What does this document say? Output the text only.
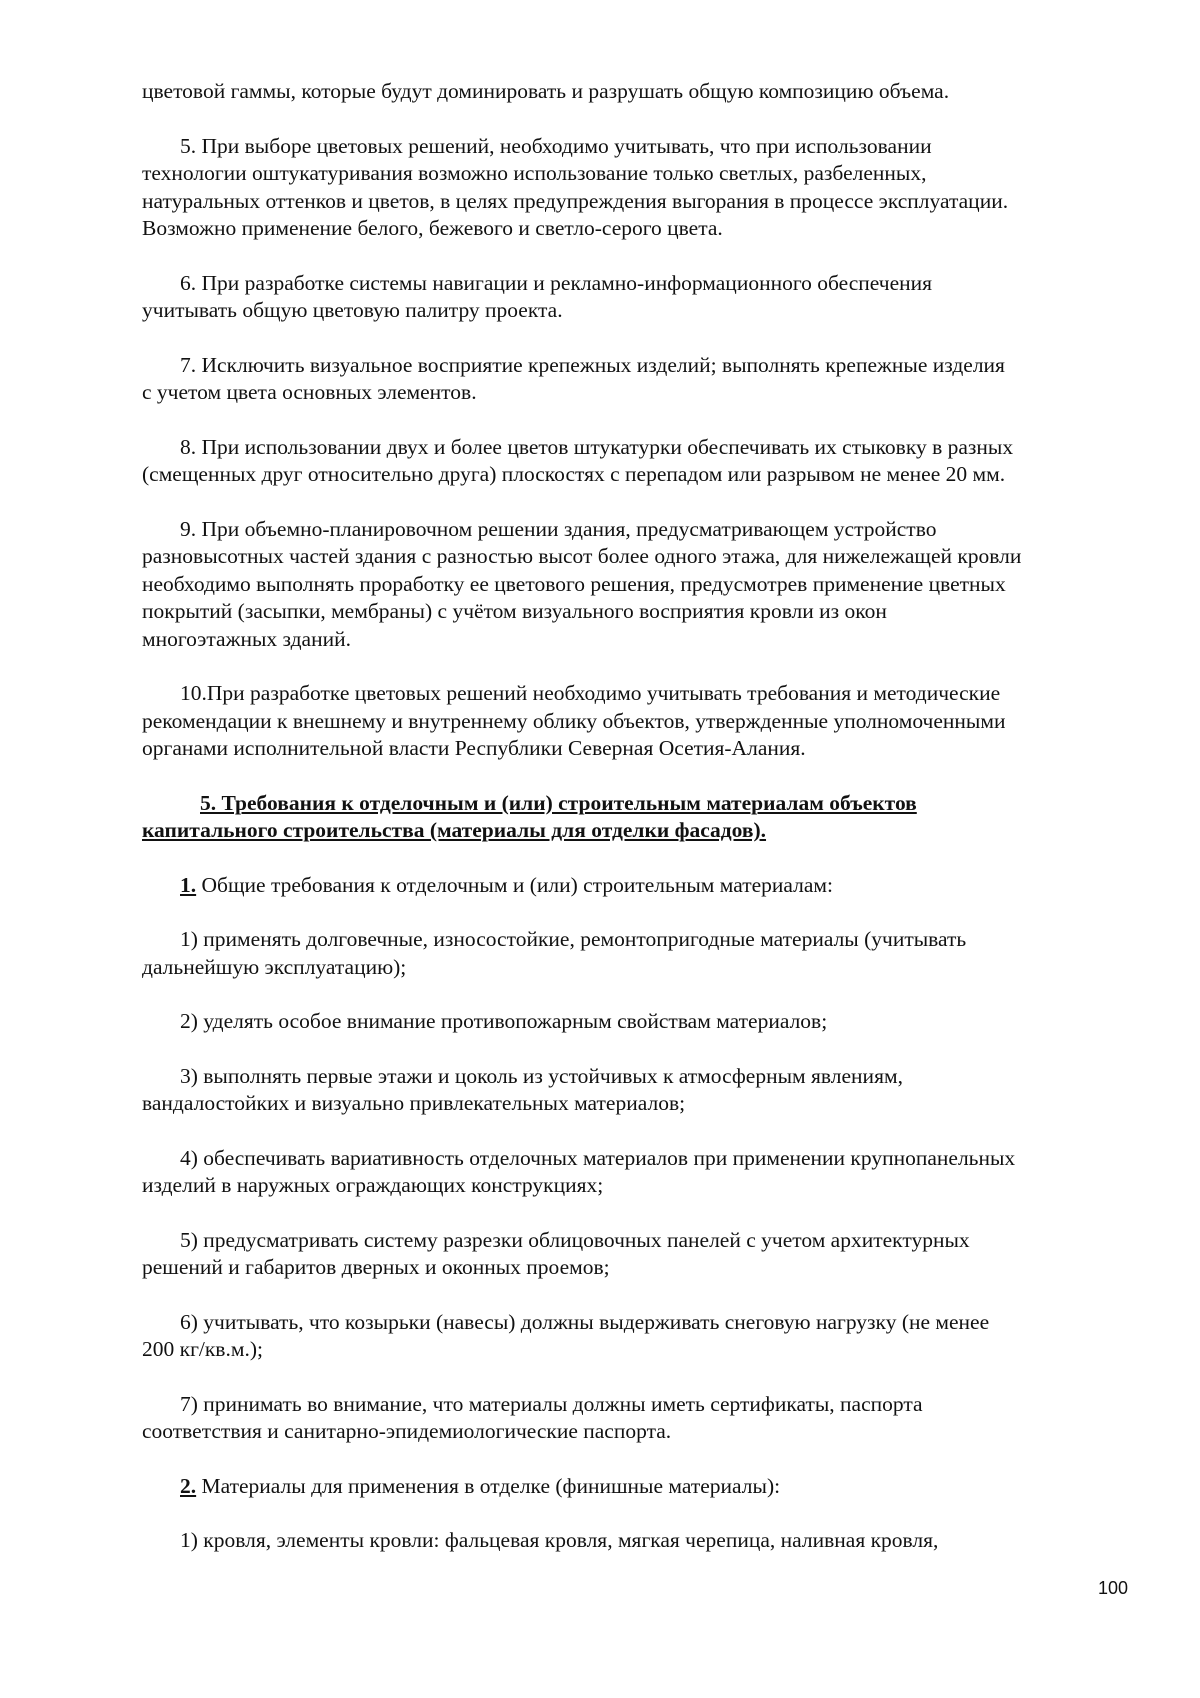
цветовой гаммы, которые будут доминировать и разрушать общую композицию объема.

5. При выборе цветовых решений, необходимо учитывать, что при использовании
технологии оштукатуривания возможно использование только светлых, разбеленных,
натуральных оттенков и цветов, в целях предупреждения выгорания в процессе эксплуатации.
Возможно применение белого, бежевого и светло-серого цвета.

6. При разработке системы навигации и рекламно-информационного обеспечения
учитывать общую цветовую палитру проекта.

7. Исключить визуальное восприятие крепежных изделий; выполнять крепежные изделия
с учетом цвета основных элементов.

8. При использовании двух и более цветов штукатурки обеспечивать их стыковку в разных
(смещенных друг относительно друга) плоскостях с перепадом или разрывом не менее 20 мм.

9. При объемно-планировочном решении здания, предусматривающем устройство
разновысотных частей здания с разностью высот более одного этажа, для нижележащей кровли
необходимо выполнять проработку ее цветового решения, предусмотрев применение цветных
покрытий (засыпки, мембраны) с учётом визуального восприятия кровли из окон
многоэтажных зданий.

10.При разработке цветовых решений необходимо учитывать требования и методические
рекомендации к внешнему и внутреннему облику объектов, утвержденные уполномоченными
органами исполнительной власти Республики Северная Осетия-Алания.

5. Требования к отделочным и (или) строительным материалам объектов
капитального строительства (материалы для отделки фасадов).

1. Общие требования к отделочным и (или) строительным материалам:

1) применять долговечные, износостойкие, ремонтопригодные материалы (учитывать
дальнейшую эксплуатацию);

2) уделять особое внимание противопожарным свойствам материалов;

3) выполнять первые этажи и цоколь из устойчивых к атмосферным явлениям,
вандалостойких и визуально привлекательных материалов;

4) обеспечивать вариативность отделочных материалов при применении крупнопанельных
изделий в наружных ограждающих конструкциях;

5) предусматривать систему разрезки облицовочных панелей с учетом архитектурных
решений и габаритов дверных и оконных проемов;

6) учитывать, что козырьки (навесы) должны выдерживать снеговую нагрузку (не менее
200 кг/кв.м.);

7) принимать во внимание, что материалы должны иметь сертификаты, паспорта
соответствия и санитарно-эпидемиологические паспорта.

2. Материалы для применения в отделке (финишные материалы):

1) кровля, элементы кровли: фальцевая кровля, мягкая черепица, наливная кровля,

100
